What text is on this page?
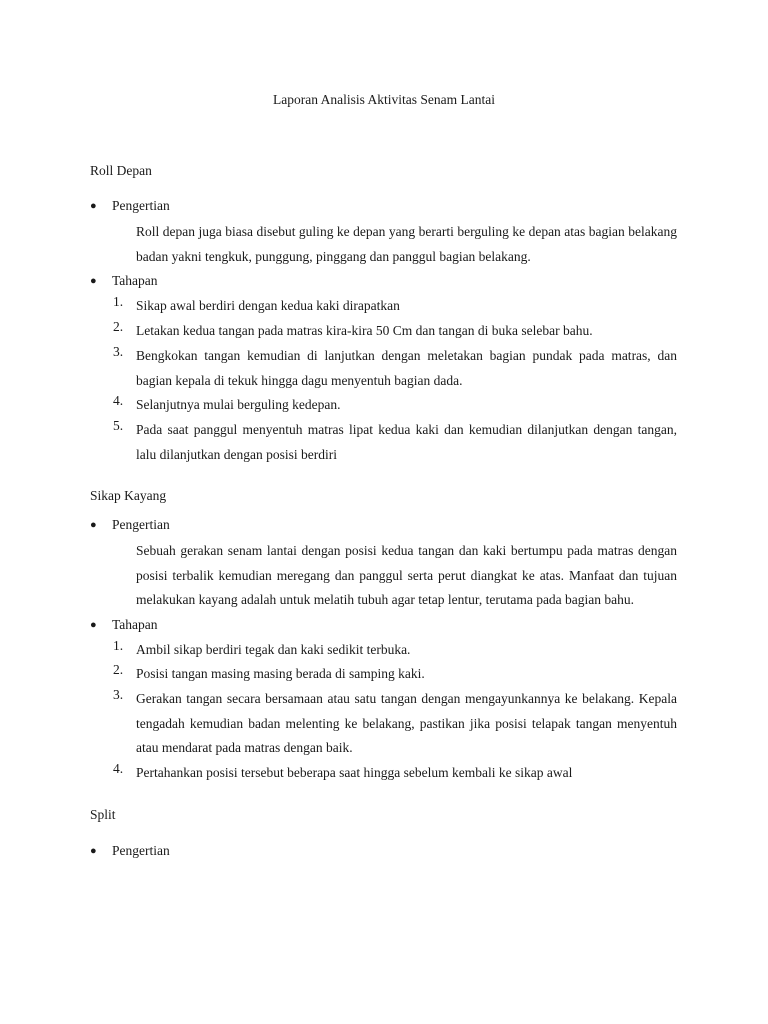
Laporan Analisis Aktivitas Senam Lantai
Roll Depan
● Pengertian
Roll depan juga biasa disebut guling ke depan yang berarti berguling ke depan atas bagian belakang badan yakni tengkuk, punggung, pinggang dan panggul bagian belakang.
● Tahapan
1. Sikap awal berdiri dengan kedua kaki dirapatkan
2. Letakan kedua tangan pada matras kira-kira 50 Cm dan tangan di buka selebar bahu.
3. Bengkokan tangan kemudian di lanjutkan dengan meletakan bagian pundak pada matras, dan bagian kepala di tekuk hingga dagu menyentuh bagian dada.
4. Selanjutnya mulai berguling kedepan.
5. Pada saat panggul menyentuh matras lipat kedua kaki dan kemudian dilanjutkan dengan tangan, lalu dilanjutkan dengan posisi berdiri
Sikap Kayang
● Pengertian
Sebuah gerakan senam lantai dengan posisi kedua tangan dan kaki bertumpu pada matras dengan posisi terbalik kemudian meregang dan panggul serta perut diangkat ke atas. Manfaat dan tujuan melakukan kayang adalah untuk melatih tubuh agar tetap lentur, terutama pada bagian bahu.
● Tahapan
1. Ambil sikap berdiri tegak dan kaki sedikit terbuka.
2. Posisi tangan masing masing berada di samping kaki.
3. Gerakan tangan secara bersamaan atau satu tangan dengan mengayunkannya ke belakang. Kepala tengadah kemudian badan melenting ke belakang, pastikan jika posisi telapak tangan menyentuh atau mendarat pada matras dengan baik.
4. Pertahankan posisi tersebut beberapa saat hingga sebelum kembali ke sikap awal
Split
● Pengertian
